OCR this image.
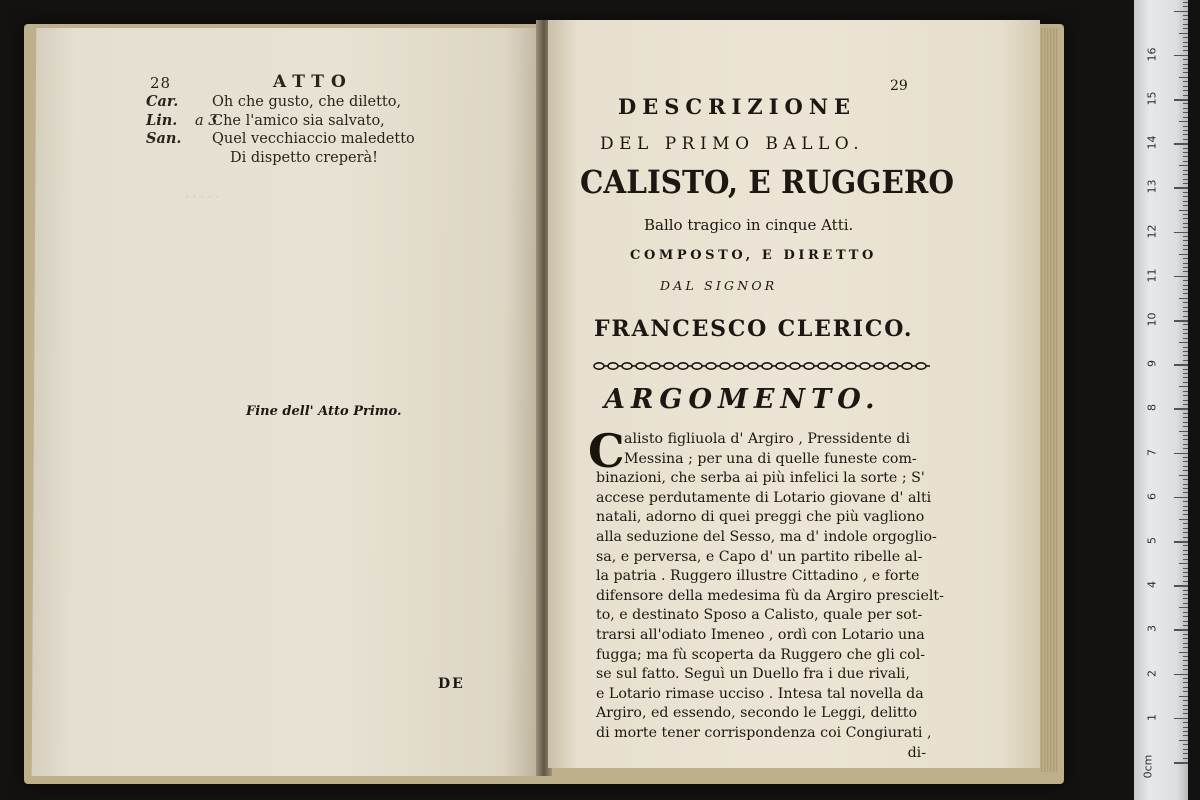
· · · · ·
28	ATTO
Car. Oh che gusto, che diletto,
Lin. a 3
Che l'amico sia salvato,
San. Quel vecchiaccio maledetto
Di dispetto creperà!
Fine dell' Atto Primo.
DE
29
DESCRIZIONE
DEL PRIMO BALLO.
CALISTO, E RUGGERO
Ballo tragico in cinque Atti.
COMPOSTO, E DIRETTO
DAL SIGNOR
FRANCESCO CLERICO.
ARGOMENTO.
C alisto figliuola d' Argiro , Pressidente di
Messina ; per una di quelle funeste com-
binazioni, che serba ai più infelici la sorte ; S'
accese perdutamente di Lotario giovane d' alti
natali, adorno di quei preggi che più vagliono
alla seduzione del Sesso, ma d' indole orgoglio-
sa, e perversa, e Capo d' un partito ribelle al-
la patria . Ruggero illustre Cittadino , e forte
difensore della medesima fù da Argiro prescielt-
to, e destinato Sposo a Calisto, quale per sot-
trarsi all'odiato Imeneo , ordì con Lotario una
fugga; ma fù scoperta da Ruggero che gli col-
se sul fatto. Seguì un Duello fra i due rivali,
e Lotario rimase ucciso . Intesa tal novella da
Argiro, ed essendo, secondo le Leggi, delitto
di morte tener corrispondenza coi Congiurati ,
di-
0cm
1
2
3
4
5
6
7
8
9
10
11
12
13
14
15
16
